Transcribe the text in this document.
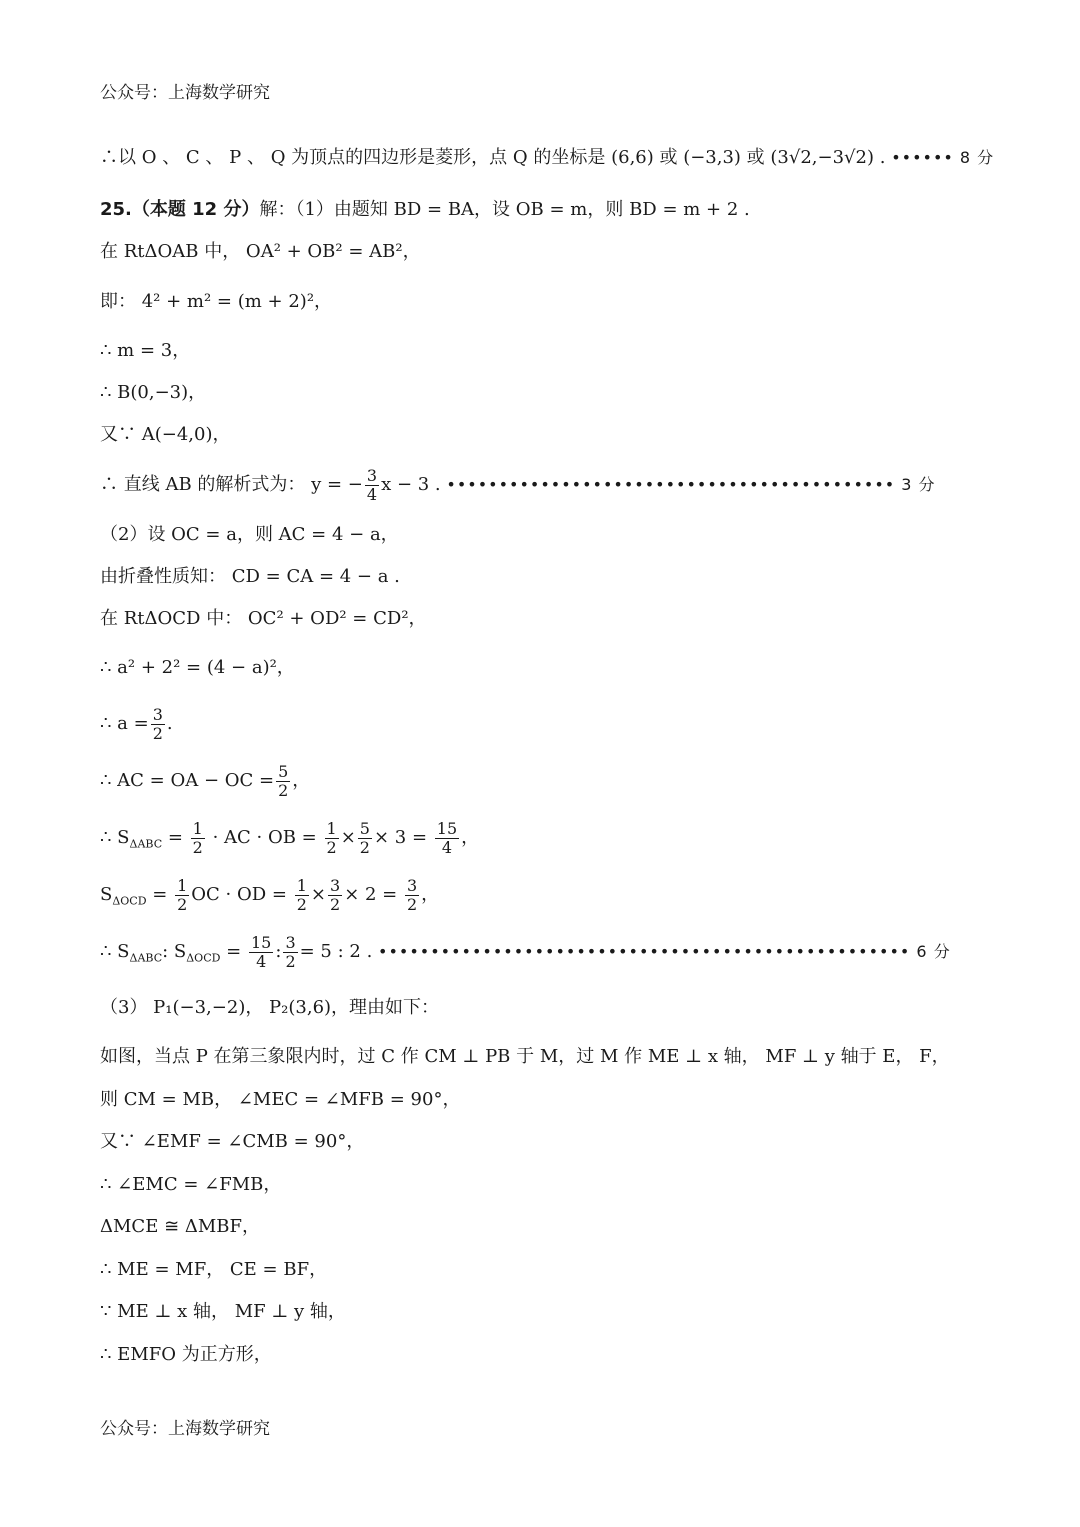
公众号：上海数学研究
∴以 O 、 C 、 P 、 Q 为顶点的四边形是菱形，点 Q 的坐标是 (6,6) 或 (−3,3) 或 (3√2,−3√2) . •••••• 8 分
25.（本题 12 分）解：（1）由题知 BD = BA，设 OB = m，则 BD = m + 2 .
在 RtΔOAB 中， OA² + OB² = AB²，
即： 4² + m² = (m + 2)²，
∴ m = 3，
∴ B(0,−3)，
又∵ A(−4,0)，
∴ 直线 AB 的解析式为： y = − $\frac{3}{4}$ x − 3 . ••••••••••••••••••••••••••••••••••••••••••• 3 分
（2）设 OC = a，则 AC = 4 − a，
由折叠性质知： CD = CA = 4 − a .
在 RtΔOCD 中： OC² + OD² = CD²，
∴ a² + 2² = (4 − a)²，
∴ $a = \frac{3}{2}$ .
∴ AC = OA − OC = $\frac{5}{2}$ ，
∴ $S_{\Delta ABC} = \frac{1}{2}$ · AC · OB = $\frac{1}{2} \times \frac{5}{2} \times 3 = \frac{15}{4}$ ，
$S_{\Delta OCD} = \frac{1}{2}$ OC · OD = $\frac{1}{2} \times \frac{3}{2} \times 2 = \frac{3}{2}$ ，
∴ $S_{\Delta ABC}$: $S_{\Delta OCD} = \frac{15}{4}$ : $\frac{3}{2} = 5$ : 2 . ••••••••••••••••••••••••••••••••••••••••••••••••••• 6 分
（3） P₁(−3,−2)， P₂(3,6)，理由如下：
如图，当点 P 在第三象限内时，过 C 作 CM ⊥ PB 于 M，过 M 作 ME ⊥ x 轴， MF ⊥ y 轴于 E， F，
则 CM = MB， ∠MEC = ∠MFB = 90°，
又∵ ∠EMF = ∠CMB = 90°，
∴ ∠EMC = ∠FMB，
ΔMCE ≅ ΔMBF，
∴ ME = MF， CE = BF，
∵ ME ⊥ x 轴， MF ⊥ y 轴，
∴ EMFO 为正方形，
公众号：上海数学研究
